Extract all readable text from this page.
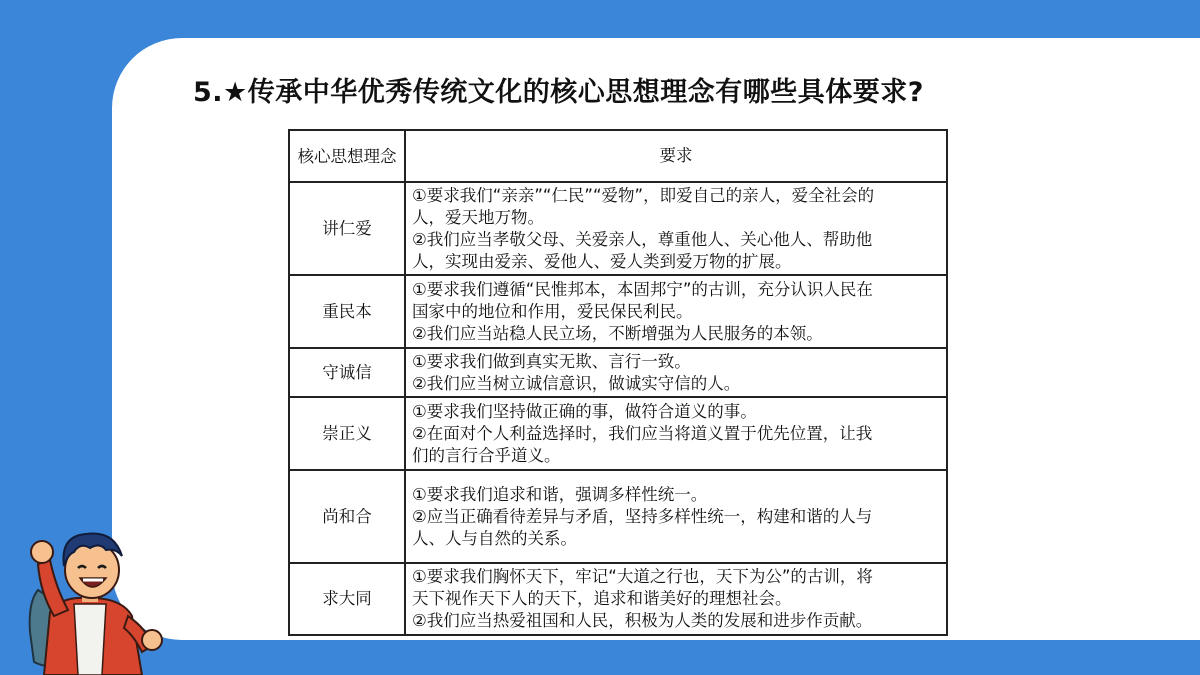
5.★传承中华优秀传统文化的核心思想理念有哪些具体要求?
核心思想理念	要求
讲仁爱	①要求我们“亲亲”“仁民”“爱物”，即爱自己的亲人，爱全社会的
人，爱天地万物。
②我们应当孝敬父母、关爱亲人，尊重他人、关心他人、帮助他
人，实现由爱亲、爱他人、爱人类到爱万物的扩展。

重民本	①要求我们遵循“民惟邦本，本固邦宁”的古训，充分认识人民在
国家中的地位和作用，爱民保民利民。
②我们应当站稳人民立场，不断增强为人民服务的本领。

守诚信	①要求我们做到真实无欺、言行一致。
②我们应当树立诚信意识，做诚实守信的人。

崇正义	①要求我们坚持做正确的事，做符合道义的事。
②在面对个人利益选择时，我们应当将道义置于优先位置，让我
们的言行合乎道义。

尚和合	①要求我们追求和谐，强调多样性统一。
②应当正确看待差异与矛盾，坚持多样性统一，构建和谐的人与
人、人与自然的关系。

求大同	①要求我们胸怀天下，牢记“大道之行也，天下为公”的古训，将
天下视作天下人的天下，追求和谐美好的理想社会。
②我们应当热爱祖国和人民，积极为人类的发展和进步作贡献。
